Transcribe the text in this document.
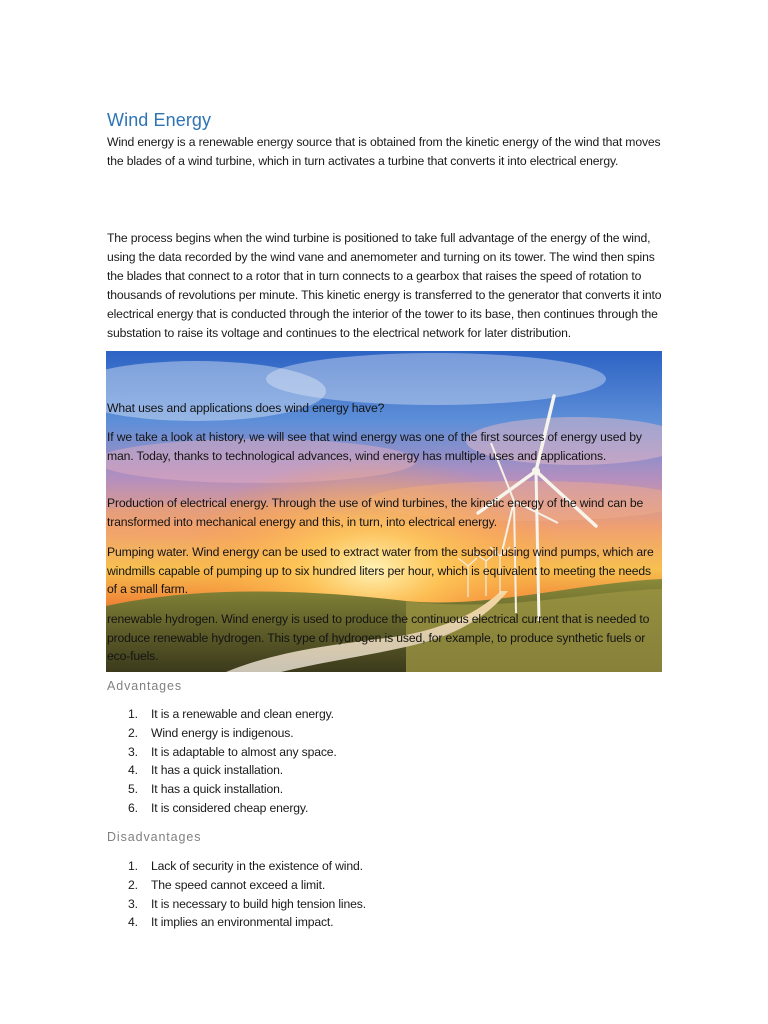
Wind Energy
Wind energy is a renewable energy source that is obtained from the kinetic energy of the wind that moves the blades of a wind turbine, which in turn activates a turbine that converts it into electrical energy.
The process begins when the wind turbine is positioned to take full advantage of the energy of the wind, using the data recorded by the wind vane and anemometer and turning on its tower. The wind then spins the blades that connect to a rotor that in turn connects to a gearbox that raises the speed of rotation to thousands of revolutions per minute. This kinetic energy is transferred to the generator that converts it into electrical energy that is conducted through the interior of the tower to its base, then continues through the substation to raise its voltage and continues to the electrical network for later distribution.
What uses and applications does wind energy have?
If we take a look at history, we will see that wind energy was one of the first sources of energy used by man. Today, thanks to technological advances, wind energy has multiple uses and applications.
Production of electrical energy. Through the use of wind turbines, the kinetic energy of the wind can be transformed into mechanical energy and this, in turn, into electrical energy.
Pumping water. Wind energy can be used to extract water from the subsoil using wind pumps, which are windmills capable of pumping up to six hundred liters per hour, which is equivalent to meeting the needs of a small farm.
renewable hydrogen. Wind energy is used to produce the continuous electrical current that is needed to produce renewable hydrogen. This type of hydrogen is used, for example, to produce synthetic fuels or eco-fuels.
Advantages
1. It is a renewable and clean energy.
2. Wind energy is indigenous.
3. It is adaptable to almost any space.
4. It has a quick installation.
5. It has a quick installation.
6. It is considered cheap energy.
Disadvantages
1. Lack of security in the existence of wind.
2. The speed cannot exceed a limit.
3. It is necessary to build high tension lines.
4. It implies an environmental impact.
